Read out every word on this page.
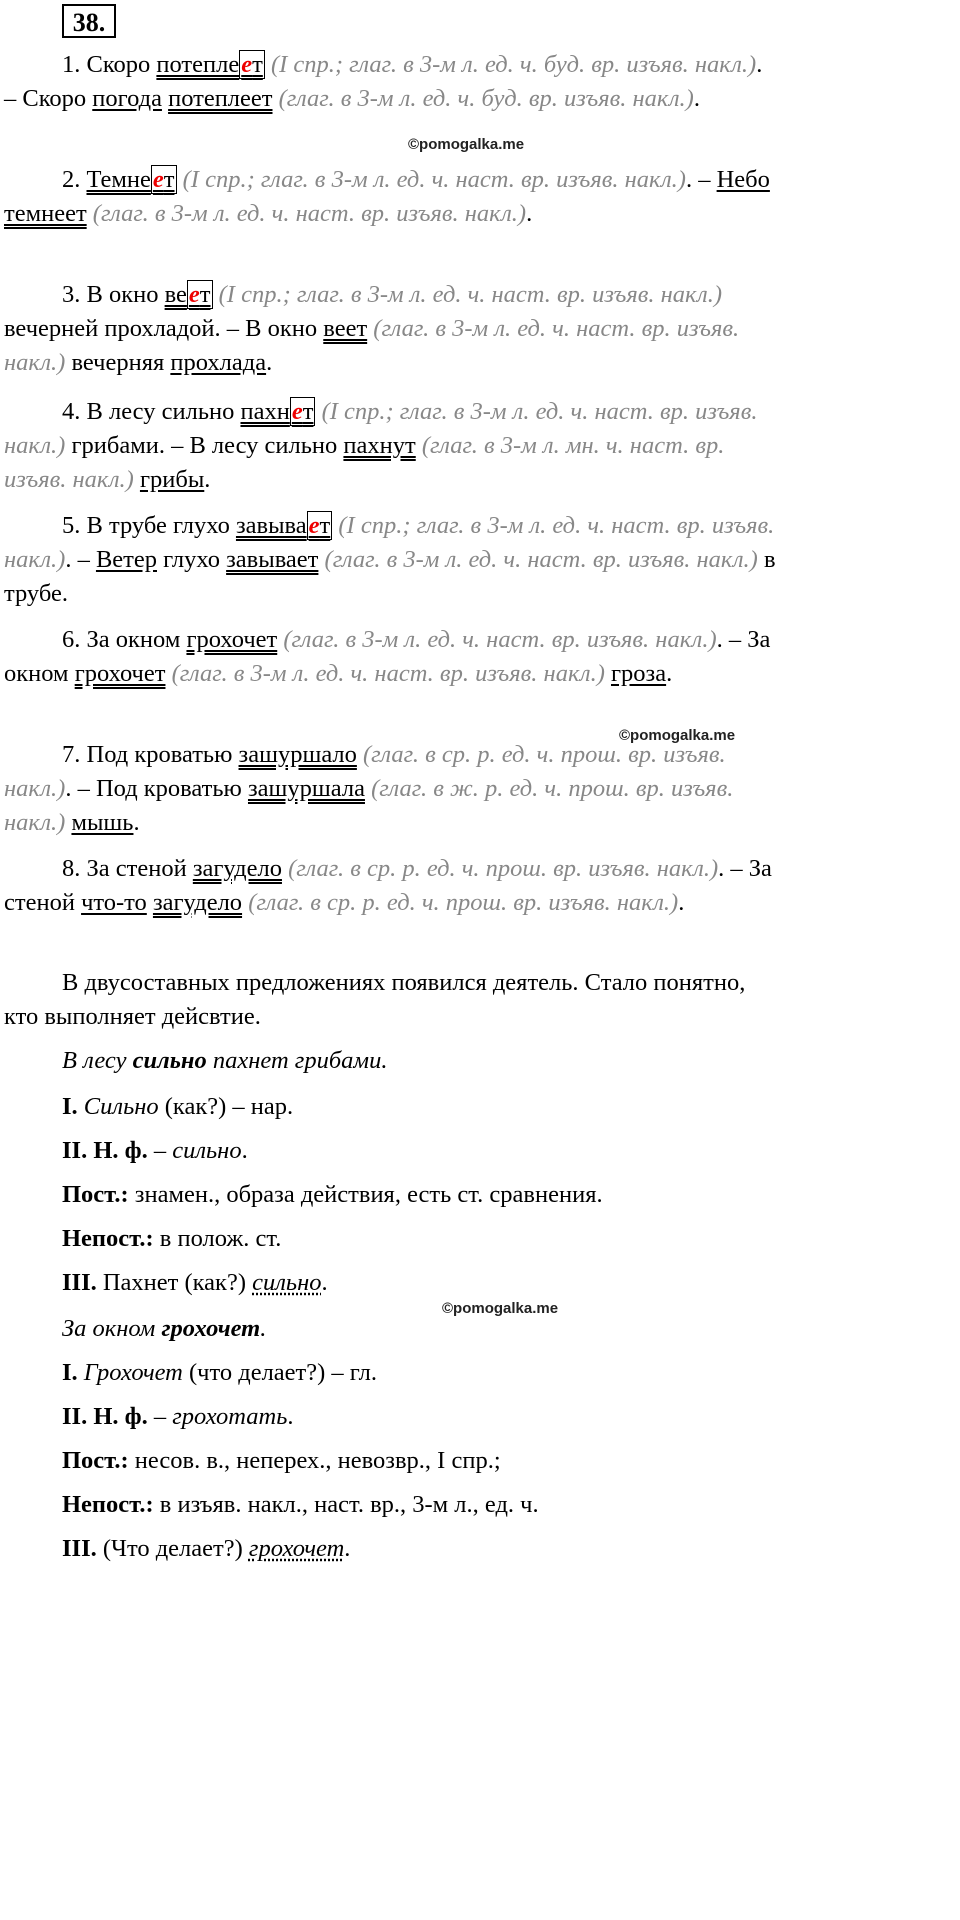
38.

1. Скоро потеплеет (I спр.; глаг. в 3-м л. ед. ч. буд. вр. изъяв. накл.). – Скоро погода потеплеет (глаг. в 3-м л. ед. ч. буд. вр. изъяв. накл.).

2. Темнеет (I спр.; глаг. в 3-м л. ед. ч. наст. вр. изъяв. накл.). – Небо темнеет (глаг. в 3-м л. ед. ч. наст. вр. изъяв. накл.).

3. В окно веет (I спр.; глаг. в 3-м л. ед. ч. наст. вр. изъяв. накл.) вечерней прохладой. – В окно веет (глаг. в 3-м л. ед. ч. наст. вр. изъяв. накл.) вечерняя прохлада.

4. В лесу сильно пахнет (I спр.; глаг. в 3-м л. ед. ч. наст. вр. изъяв. накл.) грибами. – В лесу сильно пахнут (глаг. в 3-м л. мн. ч. наст. вр. изъяв. накл.) грибы.

5. В трубе глухо завывает (I спр.; глаг. в 3-м л. ед. ч. наст. вр. изъяв. накл.). – Ветер глухо завывает (глаг. в 3-м л. ед. ч. наст. вр. изъяв. накл.) в трубе.

6. За окном грохочет (глаг. в 3-м л. ед. ч. наст. вр. изъяв. накл.). – За окном грохочет (глаг. в 3-м л. ед. ч. наст. вр. изъяв. накл.) гроза.

7. Под кроватью зашуршало (глаг. в ср. р. ед. ч. прош. вр. изъяв. накл.). – Под кроватью зашуршала (глаг. в ж. р. ед. ч. прош. вр. изъяв. накл.) мышь.

8. За стеной загудело (глаг. в ср. р. ед. ч. прош. вр. изъяв. накл.). – За стеной что-то загудело (глаг. в ср. р. ед. ч. прош. вр. изъяв. накл.).

В двусоставных предложениях появился деятель. Стало понятно, кто выполняет дейсвтие.

В лесу сильно пахнет грибами.

I. Сильно (как?) – нар.

II. Н. ф. – сильно.

Пост.: знамен., образа действия, есть ст. сравнения.

Непост.: в полож. ст.

III. Пахнет (как?) сильно.

За окном грохочет.

I. Грохочет (что делает?) – гл.

II. Н. ф. – грохотать.

Пост.: несов. в., неперех., невозвр., I спр.;

Непост.: в изъяв. накл., наст. вр., 3-м л., ед. ч.

III. (Что делает?) грохочет.

©pomogalka.me
©pomogalka.me
©pomogalka.me
